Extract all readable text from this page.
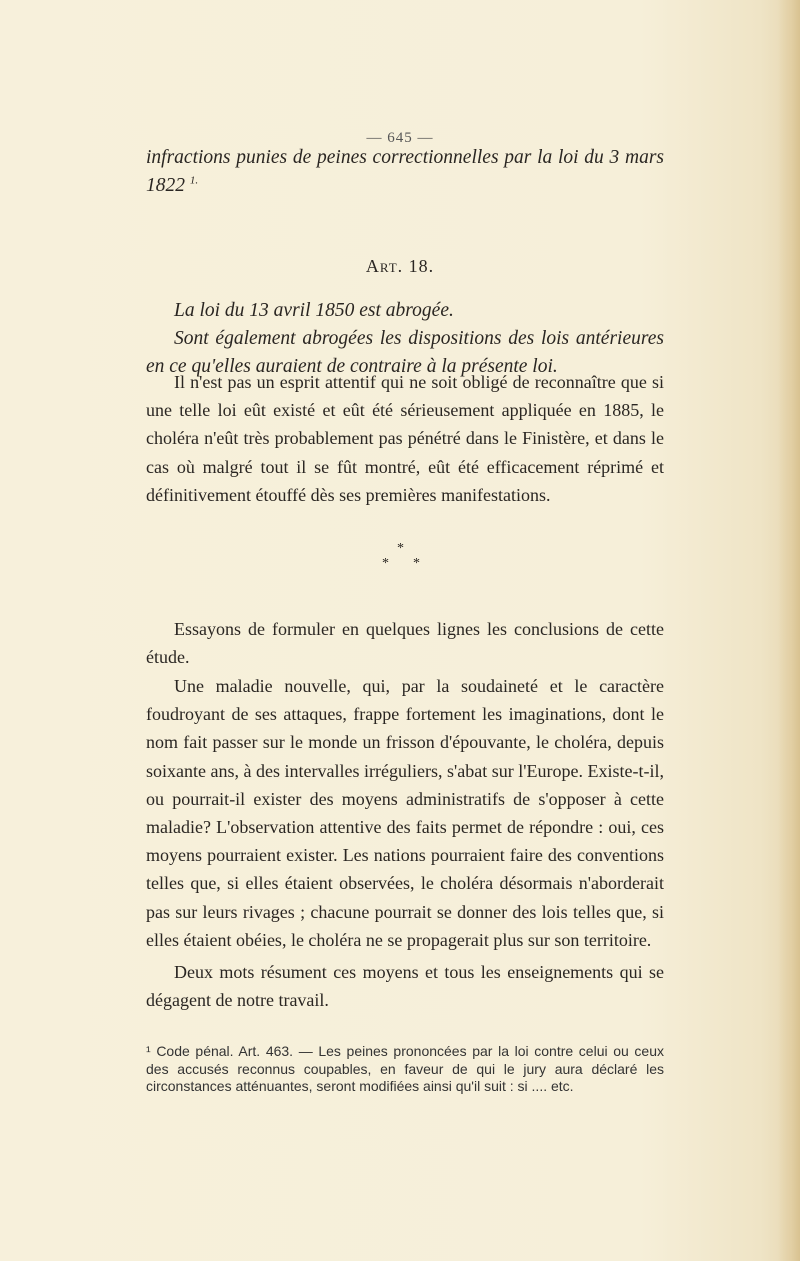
— 645 —
infractions punies de peines correctionnelles par la loi du 3 mars 1822 $^{1.}$
Art. 18.
La loi du 13 avril 1850 est abrogée.
Sont également abrogées les dispositions des lois antérieures en ce qu'elles auraient de contraire à la présente loi.
Il n'est pas un esprit attentif qui ne soit obligé de reconnaître que si une telle loi eût existé et eût été sérieusement appliquée en 1885, le choléra n'eût très probablement pas pénétré dans le Finistère, et dans le cas où malgré tout il se fût montré, eût été efficacement réprimé et définitivement étouffé dès ses premières manifestations.
*
* *
Essayons de formuler en quelques lignes les conclusions de cette étude.
Une maladie nouvelle, qui, par la soudaineté et le caractère foudroyant de ses attaques, frappe fortement les imaginations, dont le nom fait passer sur le monde un frisson d'épouvante, le choléra, depuis soixante ans, à des intervalles irréguliers, s'abat sur l'Europe. Existe-t-il, ou pourrait-il exister des moyens administratifs de s'opposer à cette maladie? L'observation attentive des faits permet de répondre : oui, ces moyens pourraient exister. Les nations pourraient faire des conventions telles que, si elles étaient observées, le choléra désormais n'aborderait pas sur leurs rivages ; chacune pourrait se donner des lois telles que, si elles étaient obéies, le choléra ne se propagerait plus sur son territoire.
Deux mots résument ces moyens et tous les enseignements qui se dégagent de notre travail.
¹ Code pénal. Art. 463. — Les peines prononcées par la loi contre celui ou ceux des accusés reconnus coupables, en faveur de qui le jury aura déclaré les circonstances atténuantes, seront modifiées ainsi qu'il suit : si .... etc.
